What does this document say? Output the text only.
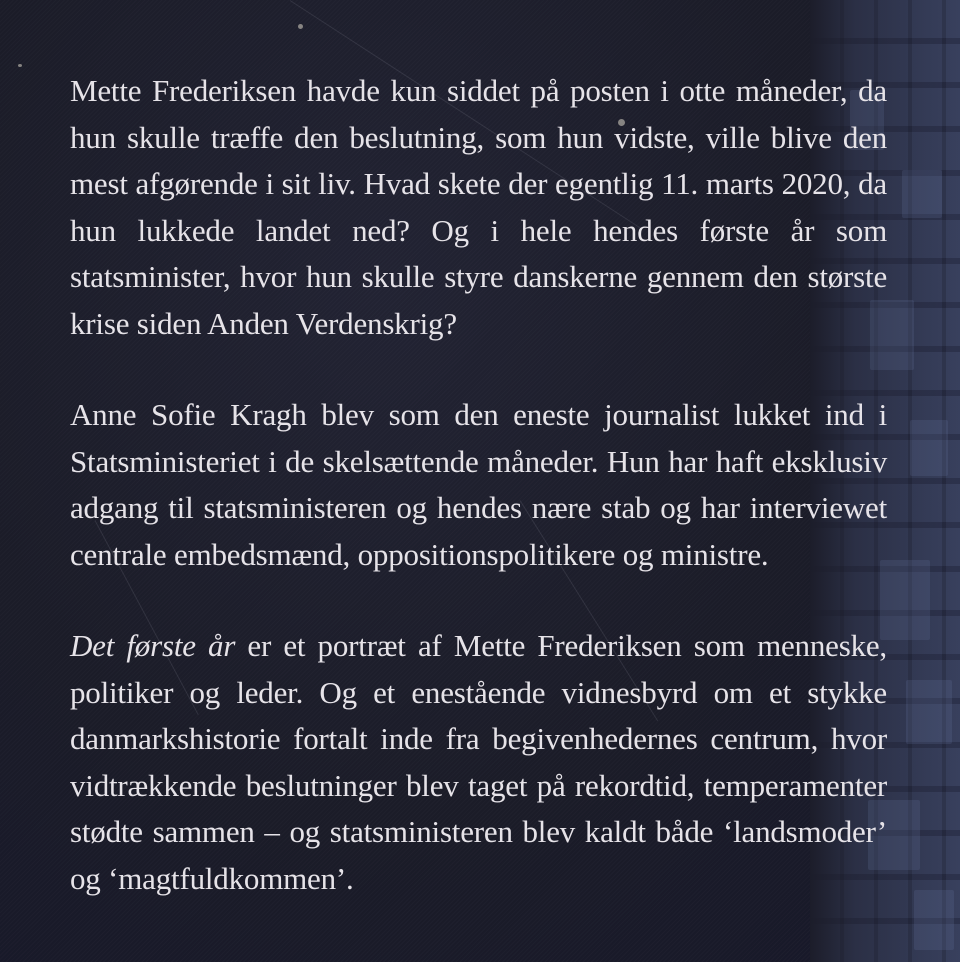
Mette Frederiksen havde kun siddet på posten i otte måneder, da hun skulle træffe den beslutning, som hun vidste, ville blive den mest afgørende i sit liv. Hvad skete der egentlig 11. marts 2020, da hun lukkede landet ned? Og i hele hendes første år som statsminister, hvor hun skulle styre danskerne gennem den største krise siden Anden Verdenskrig?

Anne Sofie Kragh blev som den eneste journalist lukket ind i Statsministeriet i de skelsættende måneder. Hun har haft eksklusiv adgang til statsministeren og hendes nære stab og har interviewet centrale embedsmænd, oppositionspolitikere og ministre.

Det første år er et portræt af Mette Frederiksen som menneske, politiker og leder. Og et enestående vidnesbyrd om et stykke danmarkshistorie fortalt inde fra begivenhedernes centrum, hvor vidtrækkende beslutninger blev taget på rekordtid, temperamenter stødte sammen – og statsministeren blev kaldt både ‘landsmoder’ og ‘magtfuldkommen’.
